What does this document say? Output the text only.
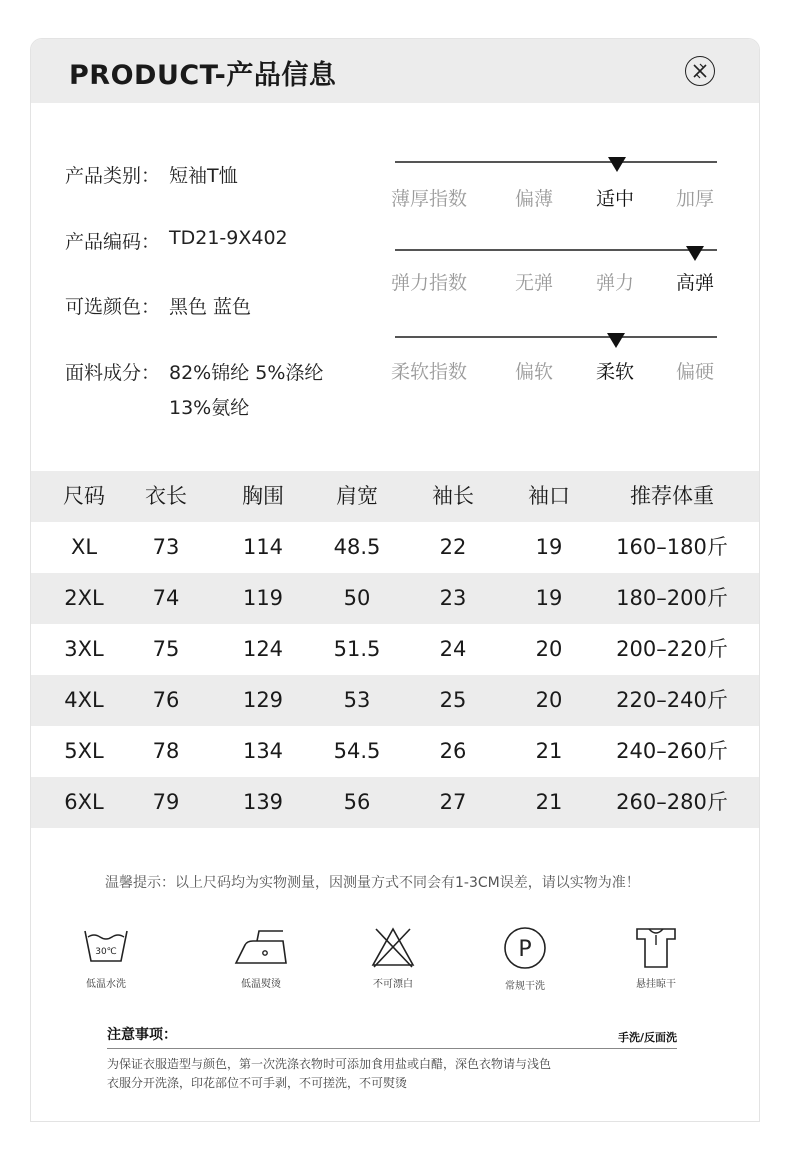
PRODUCT-产品信息
产品类别： 短袖T恤
产品编码： TD21-9X402
可选颜色： 黑色 蓝色
面料成分： 82%锦纶 5%涤纶
13%氨纶
薄厚指数	偏薄 适中 加厚
弹力指数	无弹 弹力 高弹
柔软指数	偏软 柔软 偏硬
尺码	衣长	胸围	肩宽	袖长	袖口	推荐体重
XL	73	114	48.5	22	19	160–180斤
2XL	74	119	50	23	19	180–200斤
3XL	75	124	51.5	24	20	200–220斤
4XL	76	129	53	25	20	220–240斤
5XL	78	134	54.5	26	21	240–260斤
6XL	79	139	56	27	21	260–280斤
温馨提示：以上尺码均为实物测量，因测量方式不同会有1-3CM误差，请以实物为准！
30℃
低温水洗	低温熨烫	不可漂白
P
常规干洗	悬挂晾干
注意事项：	手洗/反面洗
为保证衣服造型与颜色，第一次洗涤衣物时可添加食用盐或白醋，深色衣物请与浅色
衣服分开洗涤，印花部位不可手剥，不可搓洗，不可熨烫
